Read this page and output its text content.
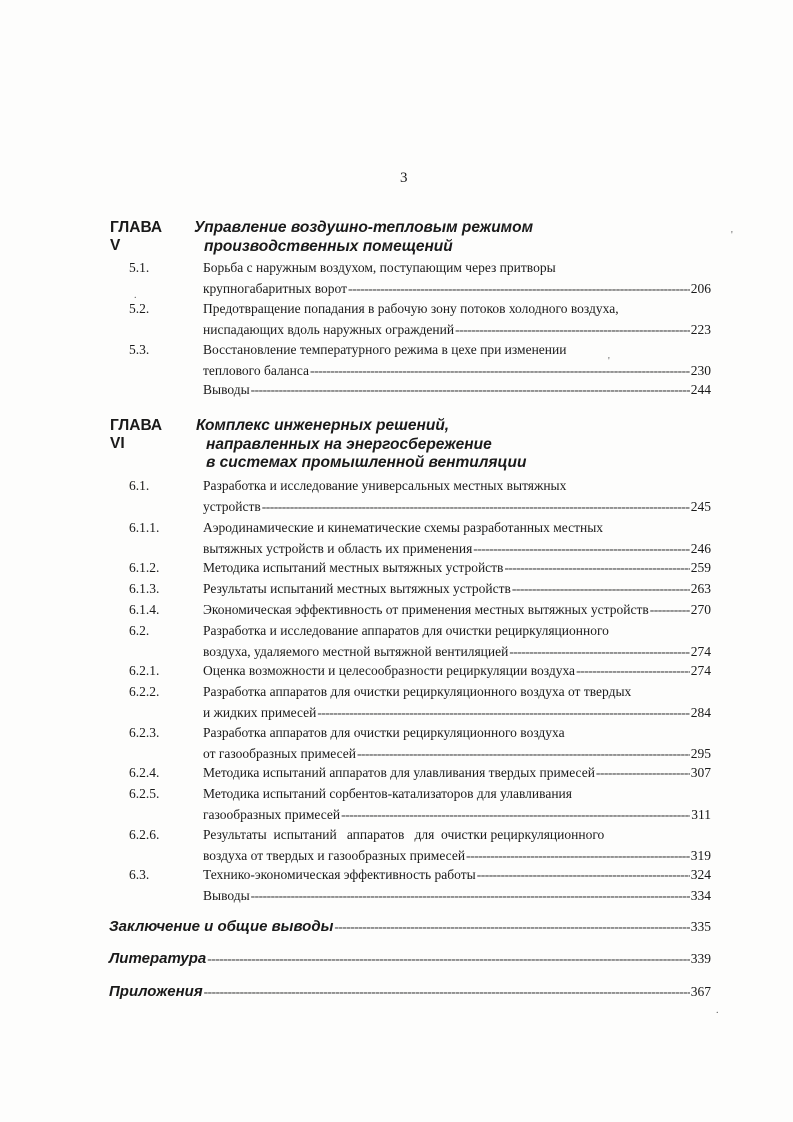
3
ГЛАВА V
Управление воздушно-тепловым режимом
производственных помещений
5.1.	Борьба с наружным воздухом, поступающим через притворы
крупногабаритных ворот -----	206
5.2.	Предотвращение попадания в рабочую зону потоков холодного воздуха,
ниспадающих вдоль наружных ограждений -----	223
5.3.	Восстановление температурного режима в цехе при изменении
теплового баланса -----	230
Выводы -----	244
ГЛАВА VI
Комплекс инженерных решений,
направленных на энергосбережение
в системах промышленной вентиляции
6.1.	Разработка и исследование универсальных местных вытяжных
устройств -----	245
6.1.1.	Аэродинамические и кинематические схемы разработанных местных
вытяжных устройств и область их применения -----	246
6.1.2.	Методика испытаний местных вытяжных устройств -----	259
6.1.3.	Результаты испытаний местных вытяжных устройств -----	263
6.1.4.	Экономическая эффективность от применения местных вытяжных устройств -----	270
6.2.	Разработка и исследование аппаратов для очистки рециркуляционного
воздуха, удаляемого местной вытяжной вентиляцией -----	274
6.2.1.	Оценка возможности и целесообразности рециркуляции воздуха -----	274
6.2.2.	Разработка аппаратов для очистки рециркуляционного воздуха от твердых
и жидких примесей -----	284
6.2.3.	Разработка аппаратов для очистки рециркуляционного воздуха
от газообразных примесей -----	295
6.2.4.	Методика испытаний аппаратов для улавливания твердых примесей -----	307
6.2.5.	Методика испытаний сорбентов-катализаторов для улавливания
газообразных примесей -----	311
6.2.6.	Результаты  испытаний   аппаратов   для  очистки рециркуляционного
воздуха от твердых и газообразных примесей -----	319
6.3.	Технико-экономическая эффективность работы -----	324
Выводы -----	334
Заключение и общие выводы -----	335
Литература -----	339
Приложения -----	367
'
.
'
.
